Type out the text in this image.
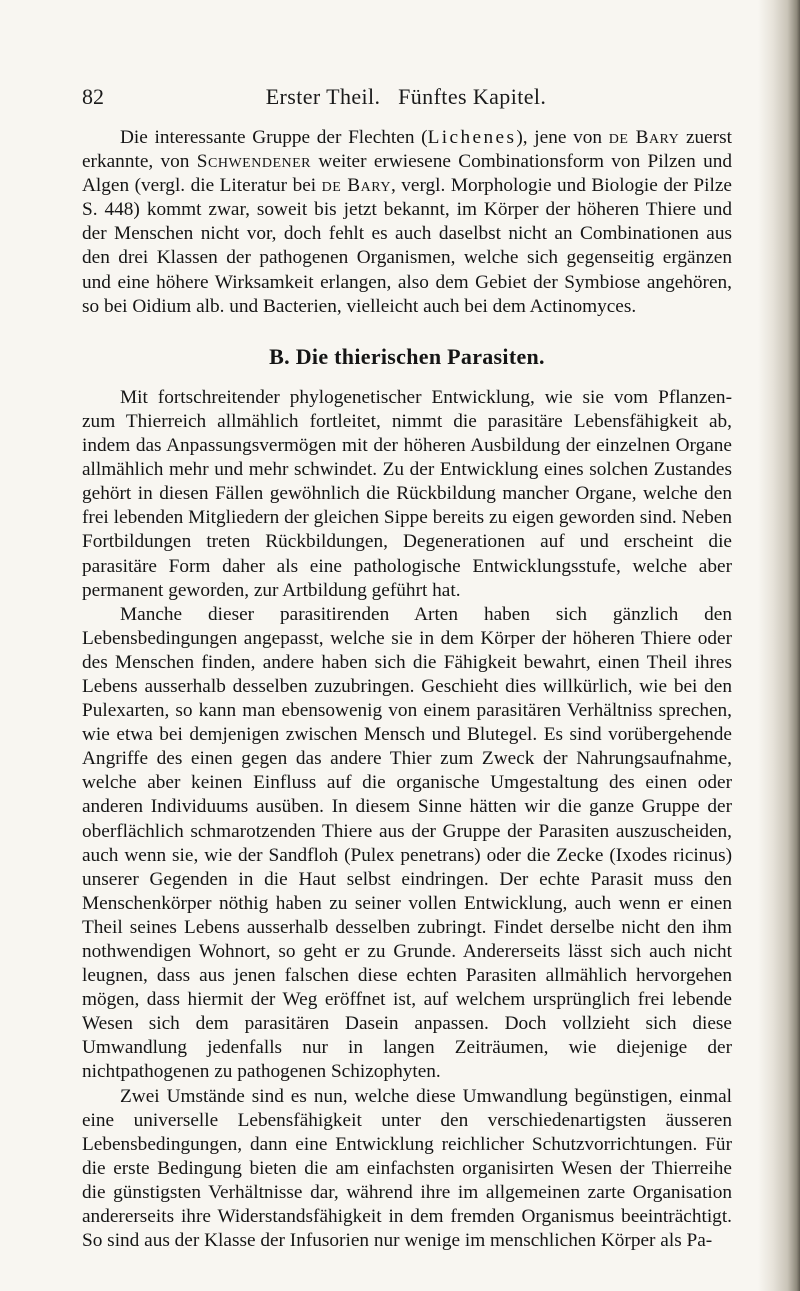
82	Erster Theil.   Fünftes Kapitel.

Die interessante Gruppe der Flechten (Lichenes), jene von de Bary zuerst erkannte, von Schwendener weiter erwiesene Combinationsform von Pilzen und Algen (vergl. die Literatur bei de Bary, vergl. Morphologie und Biologie der Pilze S. 448) kommt zwar, soweit bis jetzt bekannt, im Körper der höheren Thiere und der Menschen nicht vor, doch fehlt es auch daselbst nicht an Combinationen aus den drei Klassen der pathogenen Organismen, welche sich gegenseitig ergänzen und eine höhere Wirksamkeit erlangen, also dem Gebiet der Symbiose angehören, so bei Oidium alb. und Bacterien, vielleicht auch bei dem Actinomyces.

B. Die thierischen Parasiten.

Mit fortschreitender phylogenetischer Entwicklung, wie sie vom Pflanzen- zum Thierreich allmählich fortleitet, nimmt die parasitäre Lebensfähigkeit ab, indem das Anpassungsvermögen mit der höheren Ausbildung der einzelnen Organe allmählich mehr und mehr schwindet. Zu der Entwicklung eines solchen Zustandes gehört in diesen Fällen gewöhnlich die Rückbildung mancher Organe, welche den frei lebenden Mitgliedern der gleichen Sippe bereits zu eigen geworden sind. Neben Fortbildungen treten Rückbildungen, Degenerationen auf und erscheint die parasitäre Form daher als eine pathologische Entwicklungsstufe, welche aber permanent geworden, zur Artbildung geführt hat.

Manche dieser parasitirenden Arten haben sich gänzlich den Lebensbedingungen angepasst, welche sie in dem Körper der höheren Thiere oder des Menschen finden, andere haben sich die Fähigkeit bewahrt, einen Theil ihres Lebens ausserhalb desselben zuzubringen. Geschieht dies willkürlich, wie bei den Pulexarten, so kann man ebensowenig von einem parasitären Verhältniss sprechen, wie etwa bei demjenigen zwischen Mensch und Blutegel. Es sind vorübergehende Angriffe des einen gegen das andere Thier zum Zweck der Nahrungsaufnahme, welche aber keinen Einfluss auf die organische Umgestaltung des einen oder anderen Individuums ausüben. In diesem Sinne hätten wir die ganze Gruppe der oberflächlich schmarotzenden Thiere aus der Gruppe der Parasiten auszuscheiden, auch wenn sie, wie der Sandfloh (Pulex penetrans) oder die Zecke (Ixodes ricinus) unserer Gegenden in die Haut selbst eindringen. Der echte Parasit muss den Menschenkörper nöthig haben zu seiner vollen Entwicklung, auch wenn er einen Theil seines Lebens ausserhalb desselben zubringt. Findet derselbe nicht den ihm nothwendigen Wohnort, so geht er zu Grunde. Andererseits lässt sich auch nicht leugnen, dass aus jenen falschen diese echten Parasiten allmählich hervorgehen mögen, dass hiermit der Weg eröffnet ist, auf welchem ursprünglich frei lebende Wesen sich dem parasitären Dasein anpassen. Doch vollzieht sich diese Umwandlung jedenfalls nur in langen Zeiträumen, wie diejenige der nichtpathogenen zu pathogenen Schizophyten.

Zwei Umstände sind es nun, welche diese Umwandlung begünstigen, einmal eine universelle Lebensfähigkeit unter den verschiedenartigsten äusseren Lebensbedingungen, dann eine Entwicklung reichlicher Schutzvorrichtungen. Für die erste Bedingung bieten die am einfachsten organisirten Wesen der Thierreihe die günstigsten Verhältnisse dar, während ihre im allgemeinen zarte Organisation andererseits ihre Widerstandsfähigkeit in dem fremden Organismus beeinträchtigt. So sind aus der Klasse der Infusorien nur wenige im menschlichen Körper als Pa-
